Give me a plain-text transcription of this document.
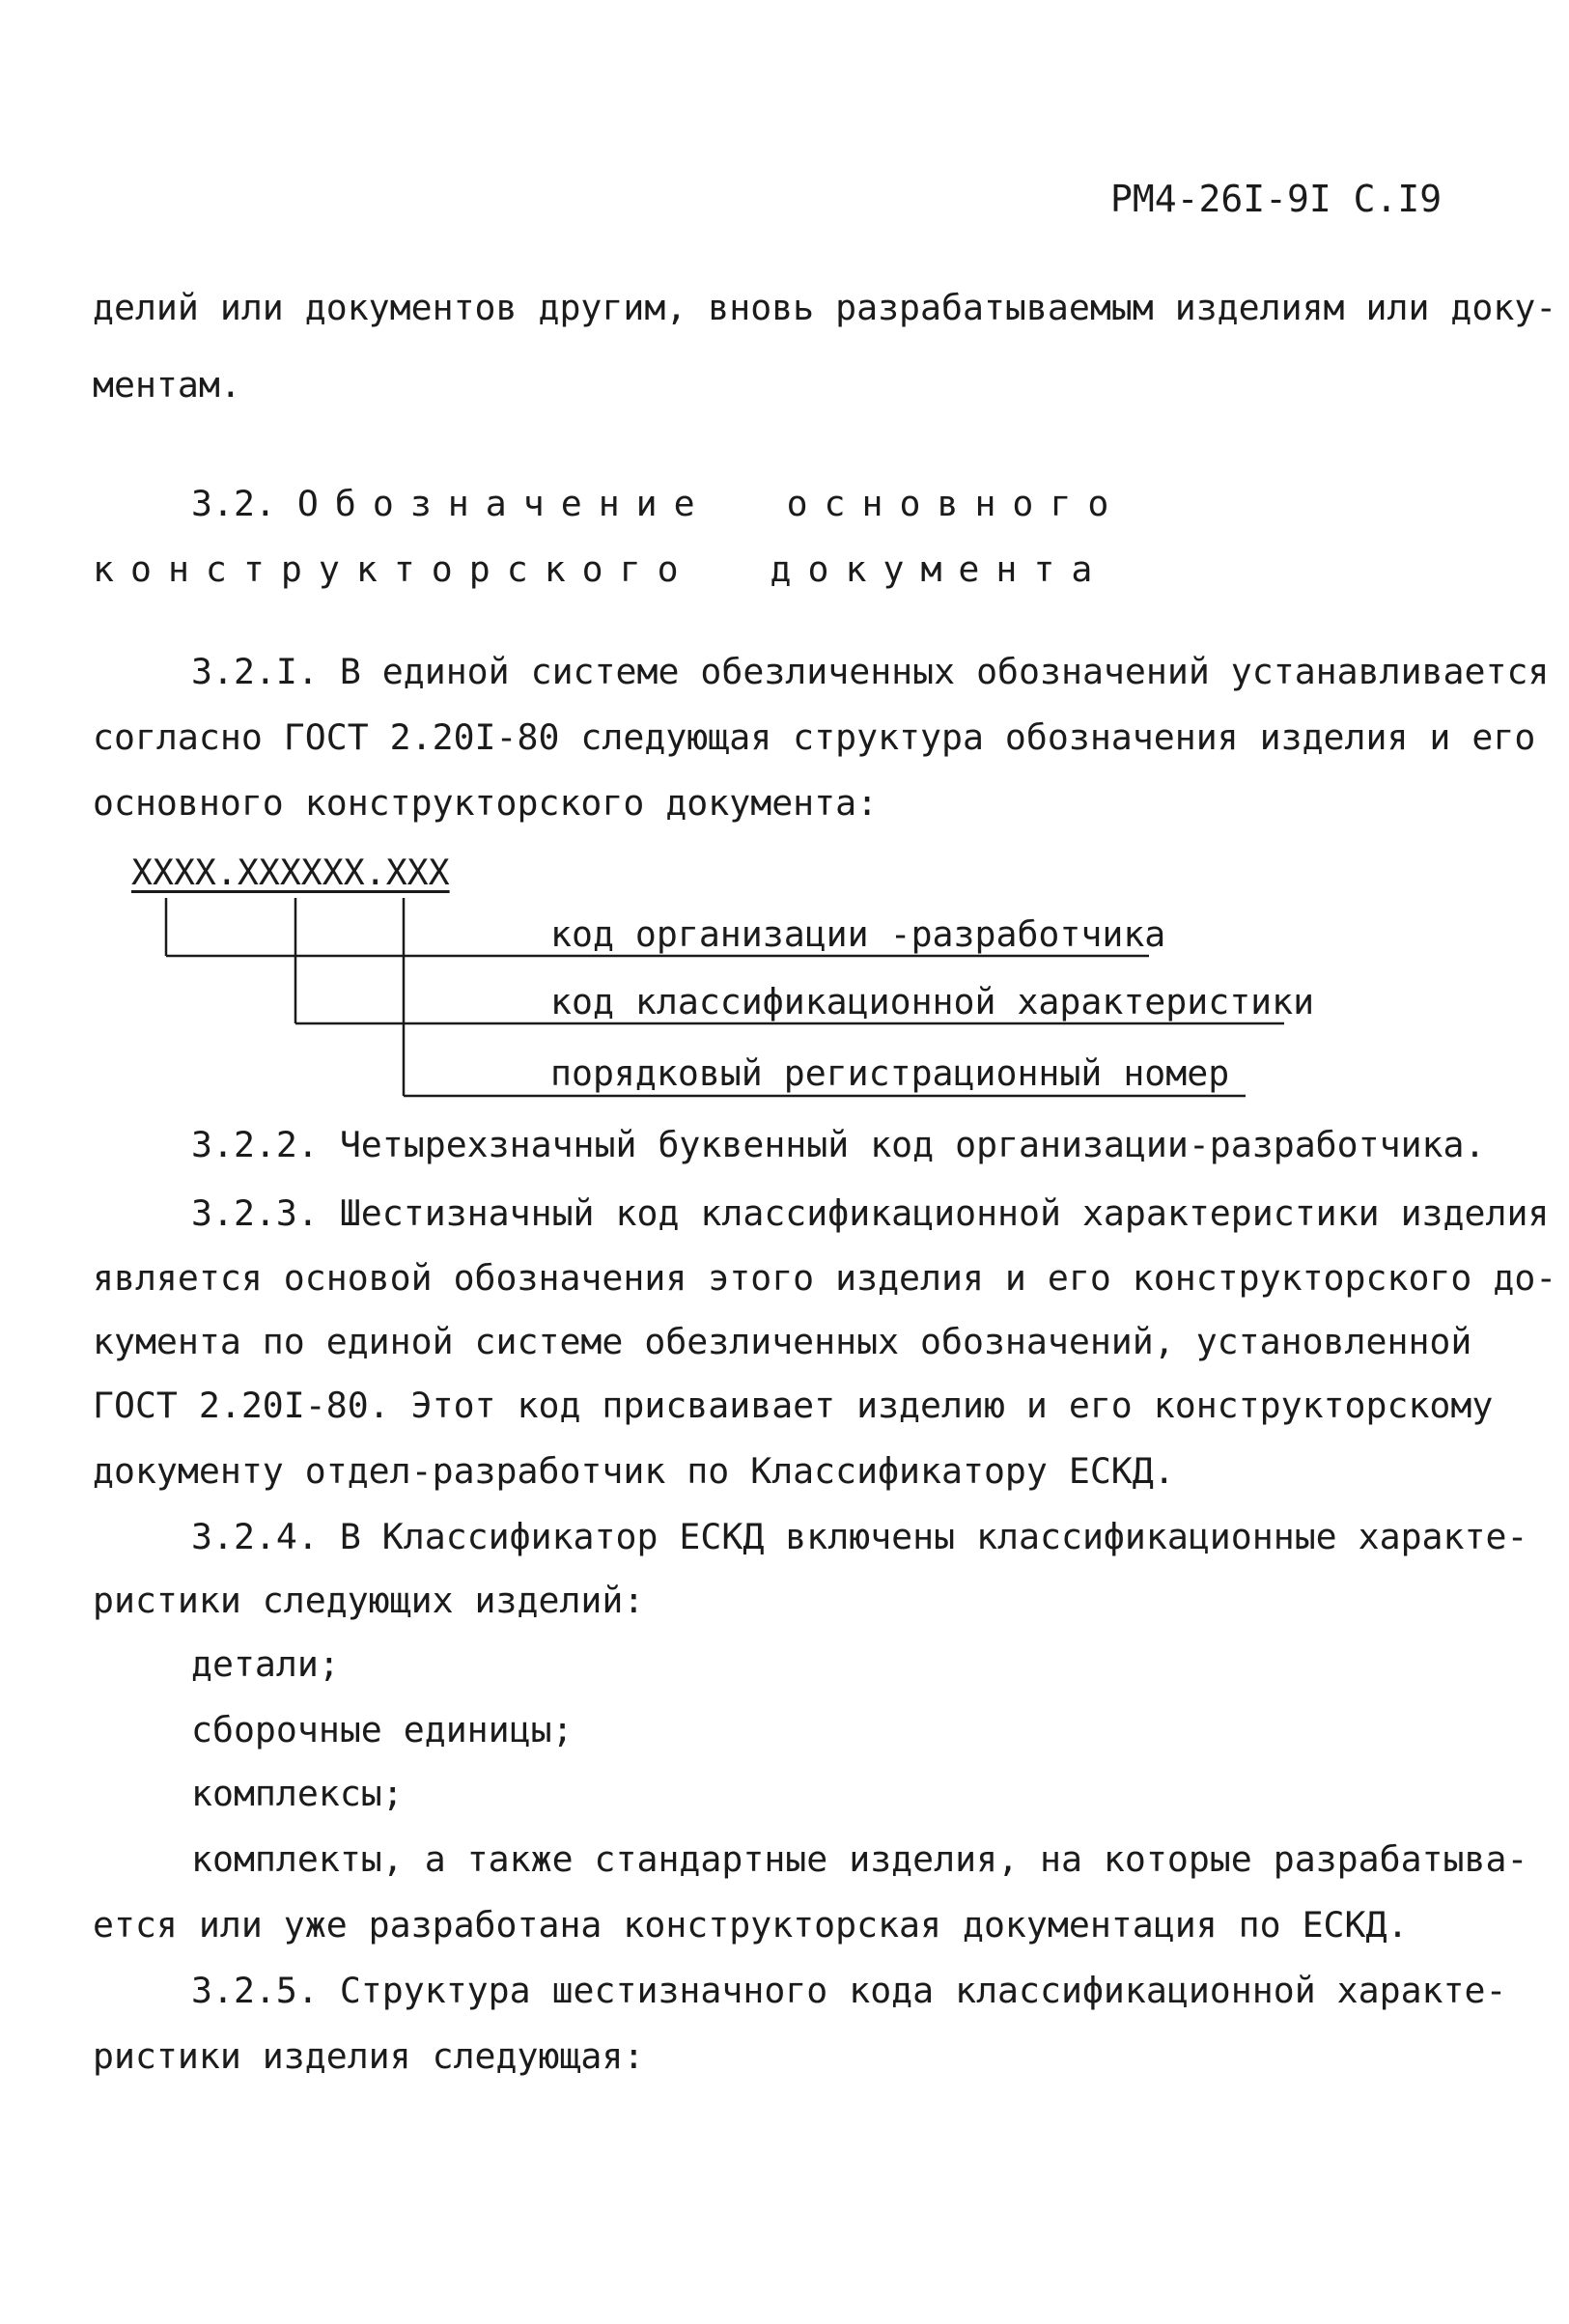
РМ4-26I-9I С.I9
делий или документов другим, вновь разрабатываемым изделиям или доку-
ментам.
3.2. Обозначение  основного
конструкторского  документа
3.2.I. В единой системе обезличенных обозначений устанавливается
согласно ГОСТ 2.20I-80 следующая структура обозначения изделия и его
основного конструкторского документа:
ХХХХ.ХХХХХХ.ХХХ
код организации -разработчика
код классификационной характеристики
порядковый регистрационный номер
3.2.2. Четырехзначный буквенный код организации-разработчика.
3.2.3. Шестизначный код классификационной характеристики изделия
является основой обозначения этого изделия и его конструкторского до-
кумента по единой системе обезличенных обозначений, установленной
ГОСТ 2.20I-80. Этот код присваивает изделию и его конструкторскому
документу отдел-разработчик по Классификатору ЕСКД.
3.2.4. В Классификатор ЕСКД включены классификационные характе-
ристики следующих изделий:
детали;
сборочные единицы;
комплексы;
комплекты, а также стандартные изделия, на которые разрабатыва-
ется или уже разработана конструкторская документация по ЕСКД.
3.2.5. Структура шестизначного кода классификационной характе-
ристики изделия следующая:
